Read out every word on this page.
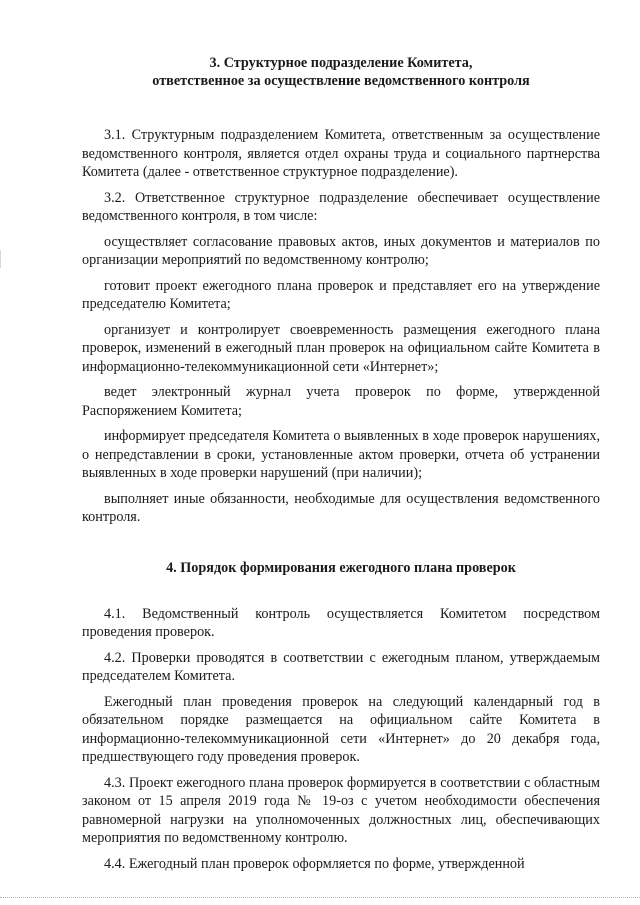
3. Структурное подразделение Комитета,
ответственное за осуществление ведомственного контроля

3.1. Структурным подразделением Комитета, ответственным за осуществление ведомственного контроля, является отдел охраны труда и социального партнерства Комитета (далее - ответственное структурное подразделение).

3.2. Ответственное структурное подразделение обеспечивает осуществление ведомственного контроля, в том числе:

осуществляет согласование правовых актов, иных документов и материалов по организации мероприятий по ведомственному контролю;

готовит проект ежегодного плана проверок и представляет его на утверждение председателю Комитета;

организует и контролирует своевременность размещения ежегодного плана проверок, изменений в ежегодный план проверок на официальном сайте Комитета в информационно-телекоммуникационной сети «Интернет»;

ведет электронный журнал учета проверок по форме, утвержденной Распоряжением Комитета;

информирует председателя Комитета о выявленных в ходе проверок нарушениях, о непредставлении в сроки, установленные актом проверки, отчета об устранении выявленных в ходе проверки нарушений (при наличии);

выполняет иные обязанности, необходимые для осуществления ведомственного контроля.

4. Порядок формирования ежегодного плана проверок

4.1. Ведомственный контроль осуществляется Комитетом посредством проведения проверок.

4.2. Проверки проводятся в соответствии с ежегодным планом, утверждаемым председателем Комитета.

Ежегодный план проведения проверок на следующий календарный год в обязательном порядке размещается на официальном сайте Комитета в информационно-телекоммуникационной сети «Интернет» до 20 декабря года, предшествующего году проведения проверок.

4.3. Проект ежегодного плана проверок формируется в соответствии с областным законом от 15 апреля 2019 года № 19-оз с учетом необходимости обеспечения равномерной нагрузки на уполномоченных должностных лиц, обеспечивающих мероприятия по ведомственному контролю.

4.4. Ежегодный план проверок оформляется по форме, утвержденной
